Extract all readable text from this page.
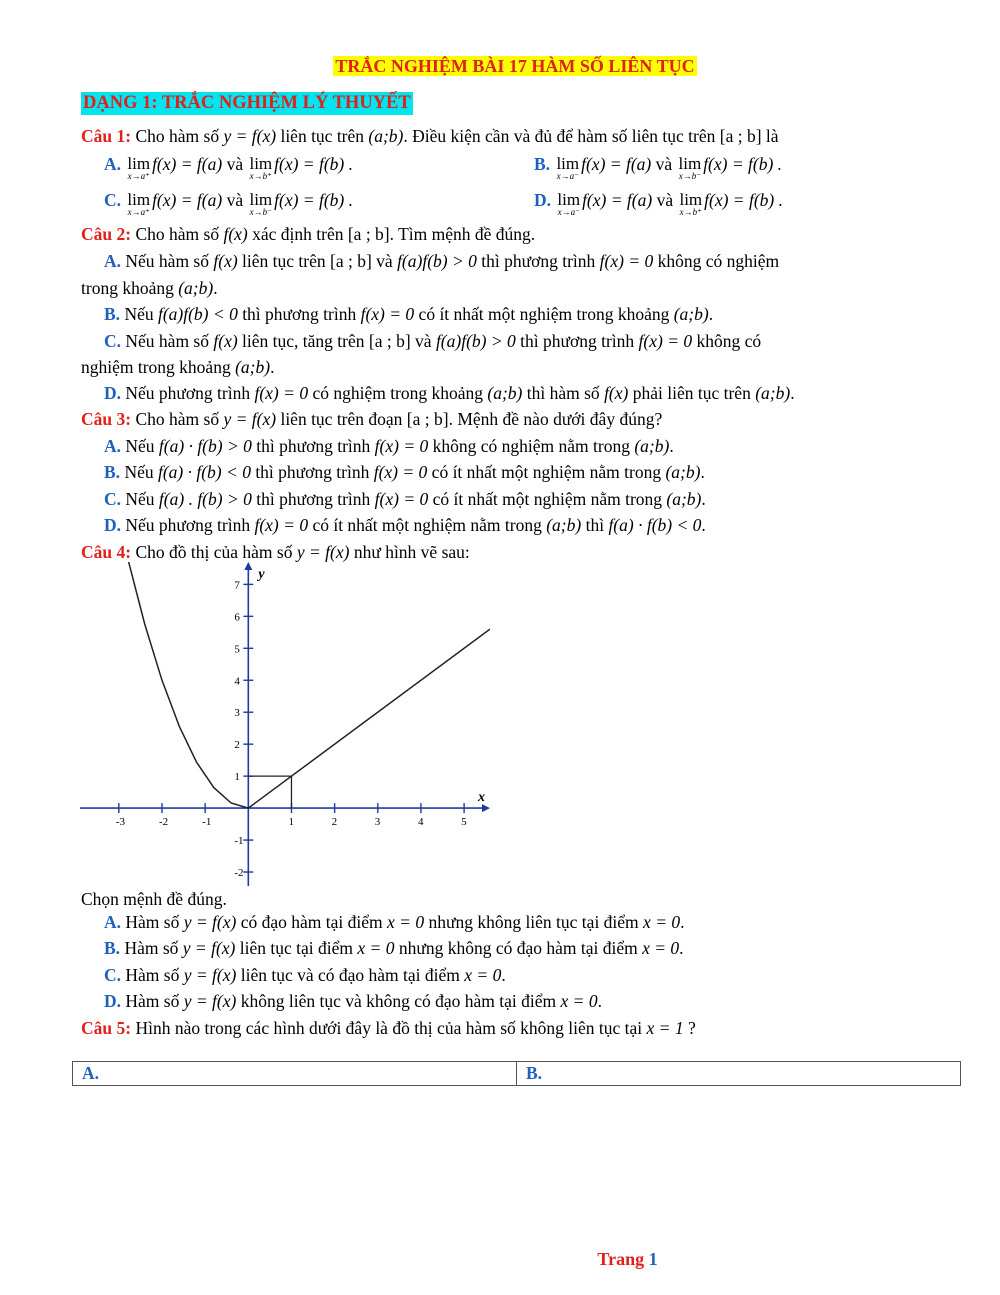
TRẮC NGHIỆM BÀI 17 HÀM SỐ LIÊN TỤC
DẠNG 1: TRẮC NGHIỆM LÝ THUYẾT
Câu 1: Cho hàm số y = f(x) liên tục trên (a;b). Điều kiện cần và đủ để hàm số liên tục trên [a ; b] là
A. lim
x→a⁺
f(x) = f(a) và lim
x→b⁺
f(x) = f(b) .	B. lim
x→a⁻
f(x) = f(a) và lim
x→b⁻
f(x) = f(b) .
C. lim
x→a⁺
f(x) = f(a) và lim
x→b⁻
f(x) = f(b) .	D. lim
x→a⁻
f(x) = f(a) và lim
x→b⁺
f(x) = f(b) .
Câu 2: Cho hàm số f(x) xác định trên [a ; b]. Tìm mệnh đề đúng.
A. Nếu hàm số f(x) liên tục trên [a ; b] và f(a)f(b) > 0 thì phương trình f(x) = 0 không có nghiệm
trong khoảng (a;b).
B. Nếu f(a)f(b) < 0 thì phương trình f(x) = 0 có ít nhất một nghiệm trong khoảng (a;b).
C. Nếu hàm số f(x) liên tục, tăng trên [a ; b] và f(a)f(b) > 0 thì phương trình f(x) = 0 không có
nghiệm trong khoảng (a;b).
D. Nếu phương trình f(x) = 0 có nghiệm trong khoảng (a;b) thì hàm số f(x) phải liên tục trên (a;b).
Câu 3: Cho hàm số y = f(x) liên tục trên đoạn [a ; b]. Mệnh đề nào dưới đây đúng?
A. Nếu f(a) · f(b) > 0 thì phương trình f(x) = 0 không có nghiệm nằm trong (a;b).
B. Nếu f(a) · f(b) < 0 thì phương trình f(x) = 0 có ít nhất một nghiệm nằm trong (a;b).
C. Nếu f(a) . f(b) > 0 thì phương trình f(x) = 0 có ít nhất một nghiệm nằm trong (a;b).
D. Nếu phương trình f(x) = 0 có ít nhất một nghiệm nằm trong (a;b) thì f(a) · f(b) < 0.
Câu 4: Cho đồ thị của hàm số y = f(x) như hình vẽ sau:
-3	-2	-1	1	2	3	4	5
-2
-1
1
2
3
4
5
6
7
x
y
Chọn mệnh đề đúng.
A. Hàm số y = f(x) có đạo hàm tại điểm x = 0 nhưng không liên tục tại điểm x = 0.
B. Hàm số y = f(x) liên tục tại điểm x = 0 nhưng không có đạo hàm tại điểm x = 0.
C. Hàm số y = f(x) liên tục và có đạo hàm tại điểm x = 0.
D. Hàm số y = f(x) không liên tục và không có đạo hàm tại điểm x = 0.
Câu 5: Hình nào trong các hình dưới đây là đồ thị của hàm số không liên tục tại x = 1 ?
A.	B.
Trang 1
